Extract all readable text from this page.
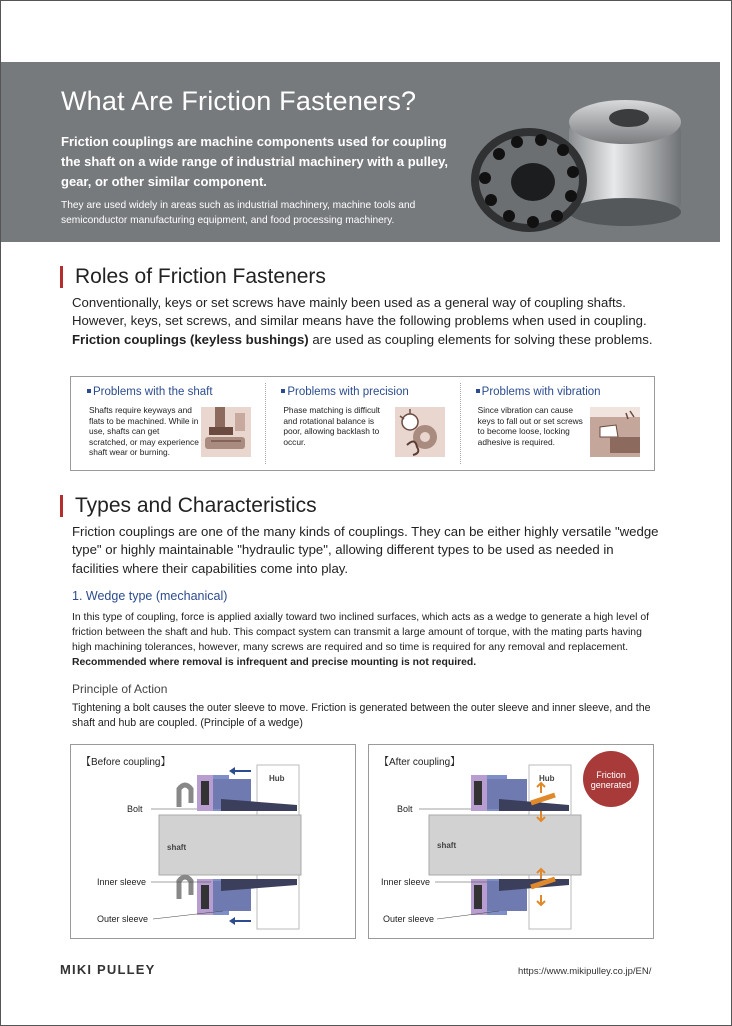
What Are Friction Fasteners?

Friction couplings are machine components used for coupling the shaft on a wide range of industrial machinery with a pulley, gear, or other similar component.

They are used widely in areas such as industrial machinery, machine tools and semiconductor manufacturing equipment, and food processing machinery.

Roles of Friction Fasteners

Conventionally, keys or set screws have mainly been used as a general way of coupling shafts. However, keys, set screws, and similar means have the following problems when used in coupling. Friction couplings (keyless bushings) are used as coupling elements for solving these problems.

Problems with the shaft

Shafts require keyways and flats to be machined. While in use, shafts can get scratched, or may experience shaft wear or burning.

Problems with precision

Phase matching is difficult and rotational balance is poor, allowing backlash to occur.

Problems with vibration

Since vibration can cause keys to fall out or set screws to become loose, locking adhesive is required.

Types and Characteristics

Friction couplings are one of the many kinds of couplings. They can be either highly versatile "wedge type" or highly maintainable "hydraulic type", allowing different types to be used as needed in facilities where their capabilities come into play.

1. Wedge type (mechanical)

In this type of coupling, force is applied axially toward two inclined surfaces, which acts as a wedge to generate a high level of friction between the shaft and hub. This compact system can transmit a large amount of torque, with the mating parts having high machining tolerances, however, many screws are required and so time is required for any removal and replacement. Recommended where removal is infrequent and precise mounting is not required.

Principle of Action

Tightening a bolt causes the outer sleeve to move. Friction is generated between the outer sleeve and inner sleeve, and the shaft and hub are coupled. (Principle of a wedge)

【Before coupling】
Hub
shaft
Bolt
Inner sleeve
Outer sleeve
【After coupling】
Hub
shaft
Bolt
Inner sleeve
Outer sleeve
Friction
generated
MIKI PULLEY	https://www.mikipulley.co.jp/EN/
